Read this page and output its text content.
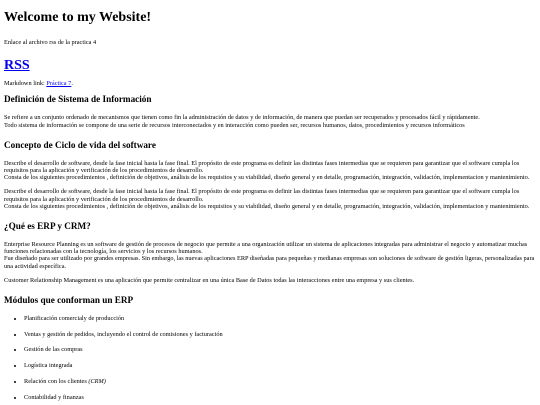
Welcome to my Website!

Enlace al archivo rss de la practica 4

RSS

Markdown link: Práctica 7.

Definición de Sistema de Información

Se refiere a un conjunto ordenado de mecanismos que tienen como fin la administración de datos y de información, de manera que puedan ser recuperados y procesados fácil y rápidamente.

Todo sistema de información se compone de una serie de recursos interconectados y en interacción como pueden ser, recursos humanos, datos, procedimientos y recursos informáticos

Concepto de Ciclo de vida del software

Describe el desarrollo de software, desde la fase inicial hasta la fase final. El propósito de este programa es definir las distintas fases intermedias que se requieren para garantizar que el software cumpla los requisitos para la aplicación y verificación de los procedimientos de desarrollo.

Consta de los siguientes procedimientos , definición de objetivos, análisis de los requisitos y su viabilidad, diseño general y en detalle, programación, integración, validación, implementacion y mantenimiento.

Describe el desarrollo de software, desde la fase inicial hasta la fase final. El propósito de este programa es definir las distintas fases intermedias que se requieren para garantizar que el software cumpla los requisitos para la aplicación y verificación de los procedimientos de desarrollo.

Consta de los siguientes procedimientos , definición de objetivos, análisis de los requisitos y su viabilidad, diseño general y en detalle, programación, integración, validación, implementacion y mantenimiento.

¿Qué es ERP y CRM?

Enterprise Resource Planning es un software de gestión de procesos de negocio que permite a una organización utilizar un sistema de aplicaciones integradas para administrar el negocio y automatizar muchas funciones relacionadas con la tecnología, los servicios y los recursos humanos.

Fue diseñado para ser utilizado por grandes empresas. Sin embargo, las nuevas aplicaciones ERP diseñadas para pequeñas y medianas empresas son soluciones de software de gestión ligeras, personalizadas para una actividad específica.

Customer Relationship Management es una aplicación que permite centralizar en una única Base de Datos todas las interacciones entre una empresa y sus clientes.

Módulos que conforman un ERP
• Planificación comercialy de producción
• Ventas y gestión de pedidos, incluyendo el control de comisiones y facturación
• Gestión de las compras
• Logística integrada
• Relación con los clientes (CRM)
• Contabilidad y finanzas
